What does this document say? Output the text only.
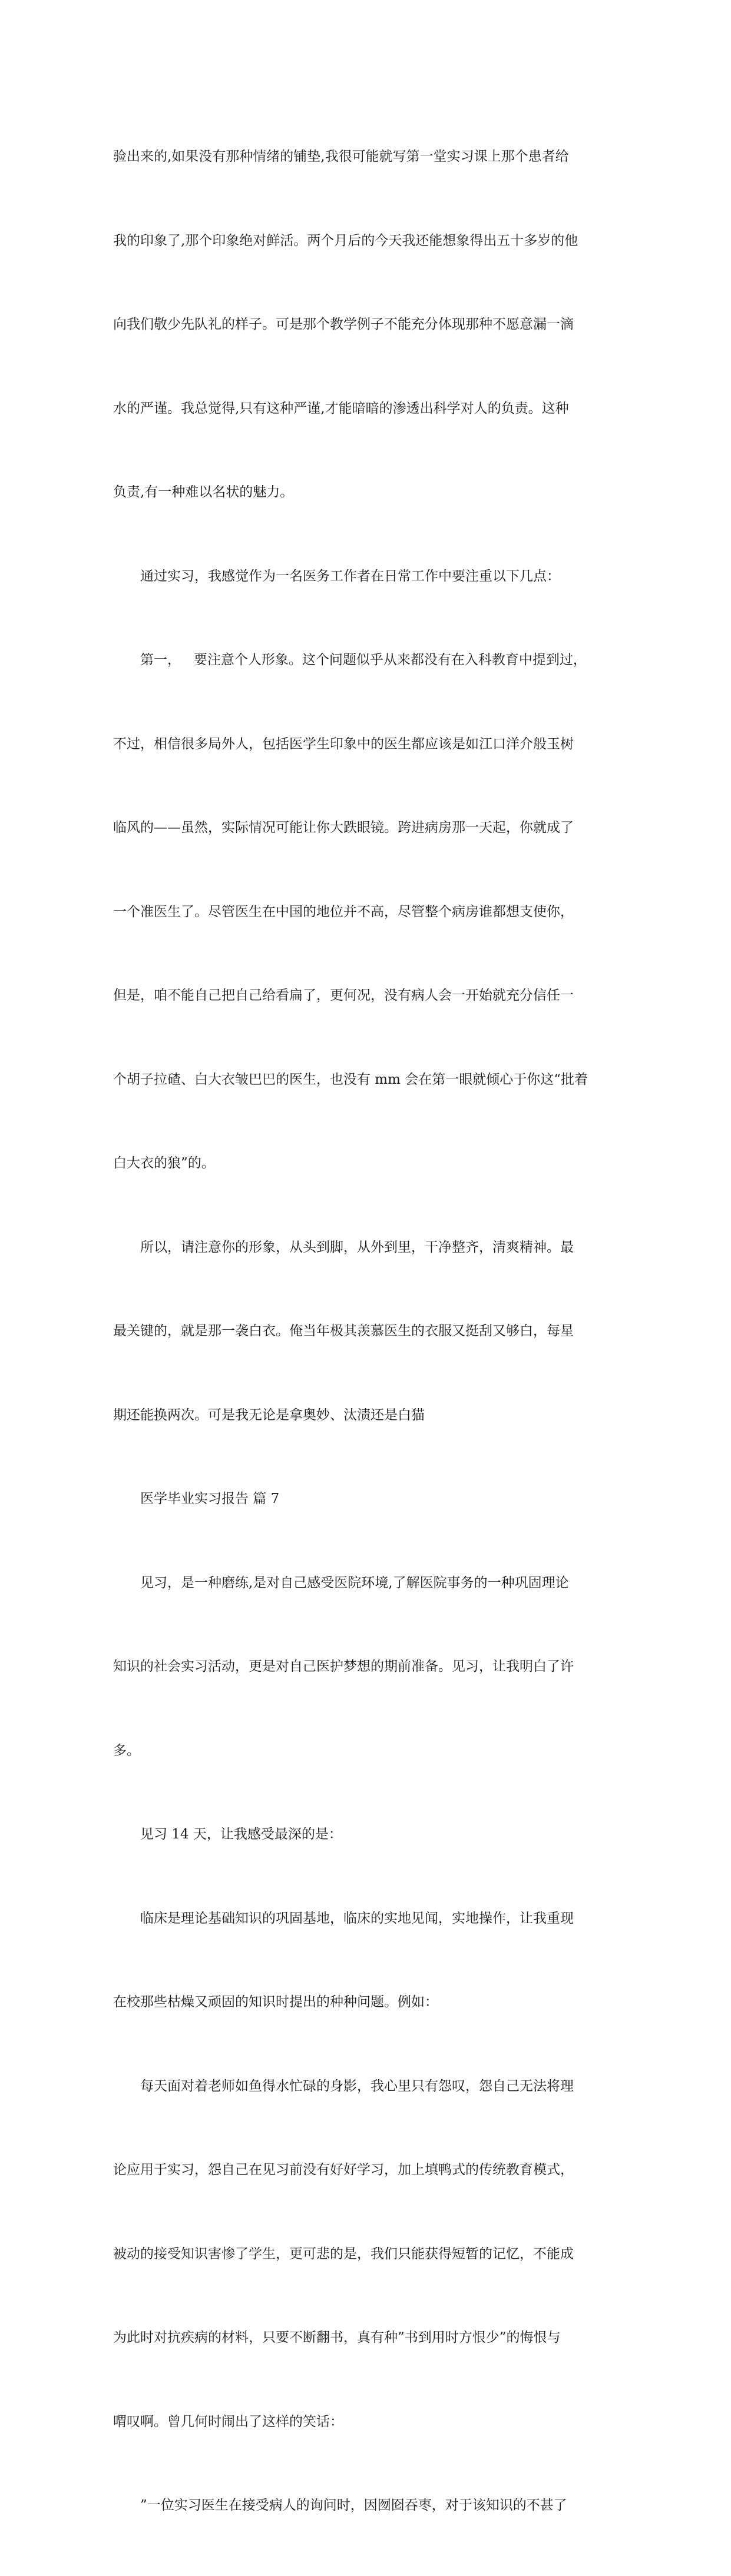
验出来的,如果没有那种情绪的铺垫,我很可能就写第一堂实习课上那个患者给

我的印象了,那个印象绝对鲜活。两个月后的今天我还能想象得出五十多岁的他

向我们敬少先队礼的样子。可是那个教学例子不能充分体现那种不愿意漏一滴

水的严谨。我总觉得,只有这种严谨,才能暗暗的渗透出科学对人的负责。这种

负责,有一种难以名状的魅力。

通过实习，我感觉作为一名医务工作者在日常工作中要注重以下几点：

第一，   要注意个人形象。这个问题似乎从来都没有在入科教育中提到过，

不过，相信很多局外人，包括医学生印象中的医生都应该是如江口洋介般玉树

临风的——虽然，实际情况可能让你大跌眼镜。跨进病房那一天起，你就成了

一个准医生了。尽管医生在中国的地位并不高，尽管整个病房谁都想支使你，

但是，咱不能自己把自己给看扁了，更何况，没有病人会一开始就充分信任一

个胡子拉碴、白大衣皱巴巴的医生，也没有 mm 会在第一眼就倾心于你这“批着

白大衣的狼”的。

所以，请注意你的形象，从头到脚，从外到里，干净整齐，清爽精神。最

最关键的，就是那一袭白衣。俺当年极其羡慕医生的衣服又挺刮又够白，每星

期还能换两次。可是我无论是拿奥妙、汰渍还是白猫

医学毕业实习报告 篇 7

见习，是一种磨练,是对自己感受医院环境,了解医院事务的一种巩固理论

知识的社会实习活动，更是对自己医护梦想的期前准备。见习，让我明白了许

多。

见习 14 天，让我感受最深的是：

临床是理论基础知识的巩固基地，临床的实地见闻，实地操作，让我重现

在校那些枯燥又顽固的知识时提出的种种问题。例如：

每天面对着老师如鱼得水忙碌的身影，我心里只有怨叹，怨自己无法将理

论应用于实习，怨自己在见习前没有好好学习，加上填鸭式的传统教育模式，

被动的接受知识害惨了学生，更可悲的是，我们只能获得短暂的记忆，不能成

为此时对抗疾病的材料，只要不断翻书，真有种”书到用时方恨少”的悔恨与

喟叹啊。曾几何时闹出了这样的笑话：

”一位实习医生在接受病人的询问时，因囫囵吞枣，对于该知识的不甚了
